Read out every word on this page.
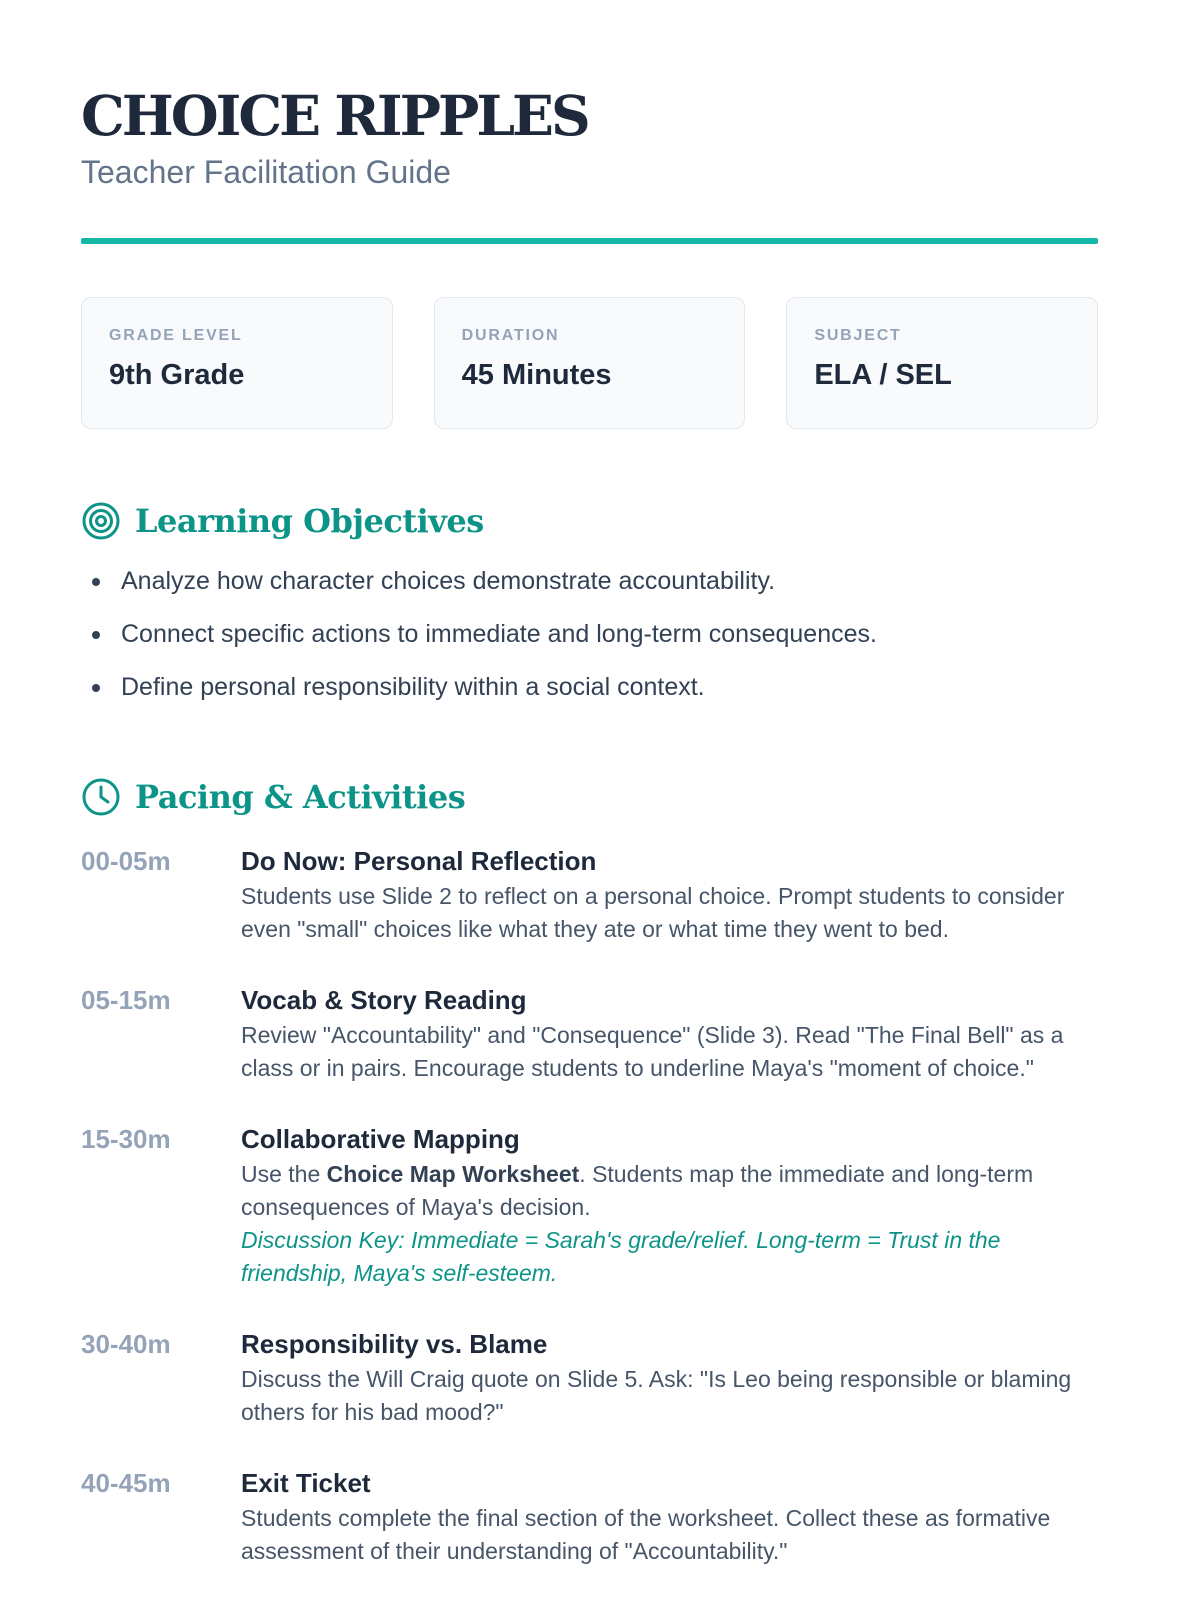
CHOICE RIPPLES
Teacher Facilitation Guide
GRADE LEVEL
9th Grade
DURATION
45 Minutes
SUBJECT
ELA / SEL
Learning Objectives
Analyze how character choices demonstrate accountability.
Connect specific actions to immediate and long-term consequences.
Define personal responsibility within a social context.
Pacing & Activities
00-05m	Do Now: Personal Reflection
Students use Slide 2 to reflect on a personal choice. Prompt students to consider even "small" choices like what they ate or what time they went to bed.
05-15m	Vocab & Story Reading
Review "Accountability" and "Consequence" (Slide 3). Read "The Final Bell" as a class or in pairs. Encourage students to underline Maya's "moment of choice."
15-30m	Collaborative Mapping
Use the Choice Map Worksheet. Students map the immediate and long-term consequences of Maya's decision.
Discussion Key: Immediate = Sarah's grade/relief. Long-term = Trust in the friendship, Maya's self-esteem.
30-40m	Responsibility vs. Blame
Discuss the Will Craig quote on Slide 5. Ask: "Is Leo being responsible or blaming others for his bad mood?"
40-45m	Exit Ticket
Students complete the final section of the worksheet. Collect these as formative assessment of their understanding of "Accountability."
